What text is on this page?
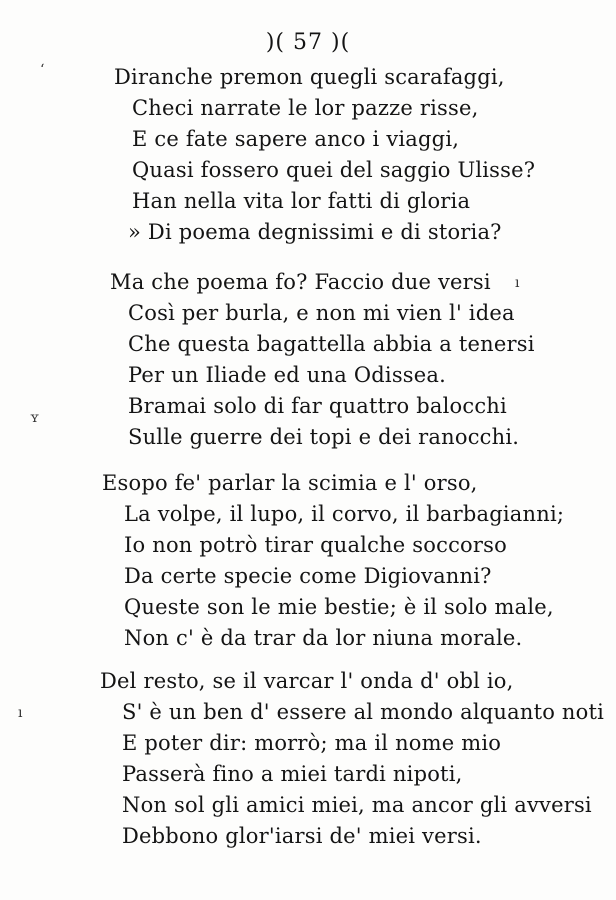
)( 57 )(
‘
ʏ
ı
ı
Diranche premon quegli scarafaggi,
Checi narrate le lor pazze risse,
E ce fate sapere anco i viaggi,
Quasi fossero quei del saggio Ulisse?
Han nella vita lor fatti di gloria
» Di poema degnissimi e di storia?
Ma che poema fo? Faccio due versi
Così per burla, e non mi vien l' idea
Che questa bagattella abbia a tenersi
Per un Iliade ed una Odissea.
Bramai solo di far quattro balocchi
Sulle guerre dei topi e dei ranocchi.
Esopo fe' parlar la scimia e l' orso,
La volpe, il lupo, il corvo, il barbagianni;
Io non potrò tirar qualche soccorso
Da certe specie come Digiovanni?
Queste son le mie bestie; è il solo male,
Non c' è da trar da lor niuna morale.
Del resto, se il varcar l' onda d' obl io,
S' è un ben d' essere al mondo alquanto noti
E poter dir: morrò; ma il nome mio
Passerà fino a miei tardi nipoti,
Non sol gli amici miei, ma ancor gli avversi
Debbono glor'iarsi de' miei versi.
